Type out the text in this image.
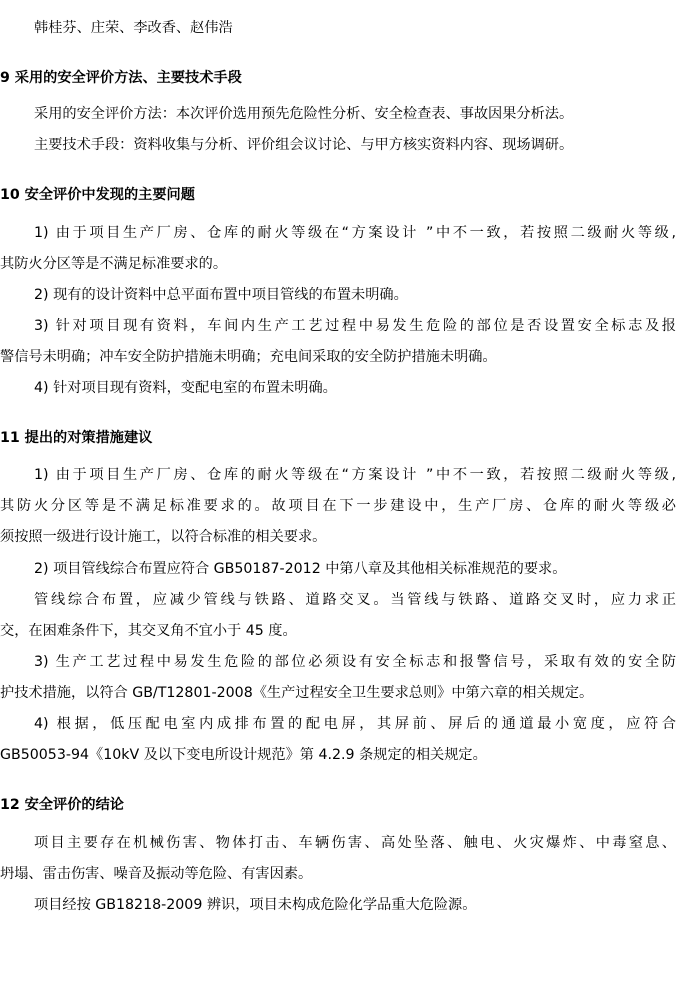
韩桂芬、庄荣、李改香、赵伟浩
9 采用的安全评价方法、主要技术手段
采用的安全评价方法：本次评价选用预先危险性分析、安全检查表、事故因果分析法。
主要技术手段：资料收集与分析、评价组会议讨论、与甲方核实资料内容、现场调研。
10 安全评价中发现的主要问题
1) 由于项目生产厂房、仓库的耐火等级在“方案设计 ”中不一致，若按照二级耐火等级,
其防火分区等是不满足标准要求的。
2) 现有的设计资料中总平面布置中项目管线的布置未明确。
3) 针对项目现有资料，车间内生产工艺过程中易发生危险的部位是否设置安全标志及报
警信号未明确；冲车安全防护措施未明确；充电间采取的安全防护措施未明确。
4) 针对项目现有资料，变配电室的布置未明确。
11 提出的对策措施建议
1) 由于项目生产厂房、仓库的耐火等级在“方案设计 ”中不一致，若按照二级耐火等级,
其防火分区等是不满足标准要求的。故项目在下一步建设中，生产厂房、仓库的耐火等级必
须按照一级进行设计施工，以符合标准的相关要求。
2) 项目管线综合布置应符合 GB50187-2012 中第八章及其他相关标准规范的要求。
管线综合布置，应减少管线与铁路、道路交叉。当管线与铁路、道路交叉时，应力求正
交，在困难条件下，其交叉角不宜小于 45 度。
3) 生产工艺过程中易发生危险的部位必须设有安全标志和报警信号，采取有效的安全防
护技术措施，以符合 GB/T12801-2008《生产过程安全卫生要求总则》中第六章的相关规定。
4) 根据，低压配电室内成排布置的配电屏，其屏前、屏后的通道最小宽度，应符合
GB50053-94《10kV 及以下变电所设计规范》第 4.2.9 条规定的相关规定。
12 安全评价的结论
项目主要存在机械伤害、物体打击、车辆伤害、高处坠落、触电、火灾爆炸、中毒窒息、
坍塌、雷击伤害、噪音及振动等危险、有害因素。
项目经按 GB18218-2009 辨识，项目未构成危险化学品重大危险源。
